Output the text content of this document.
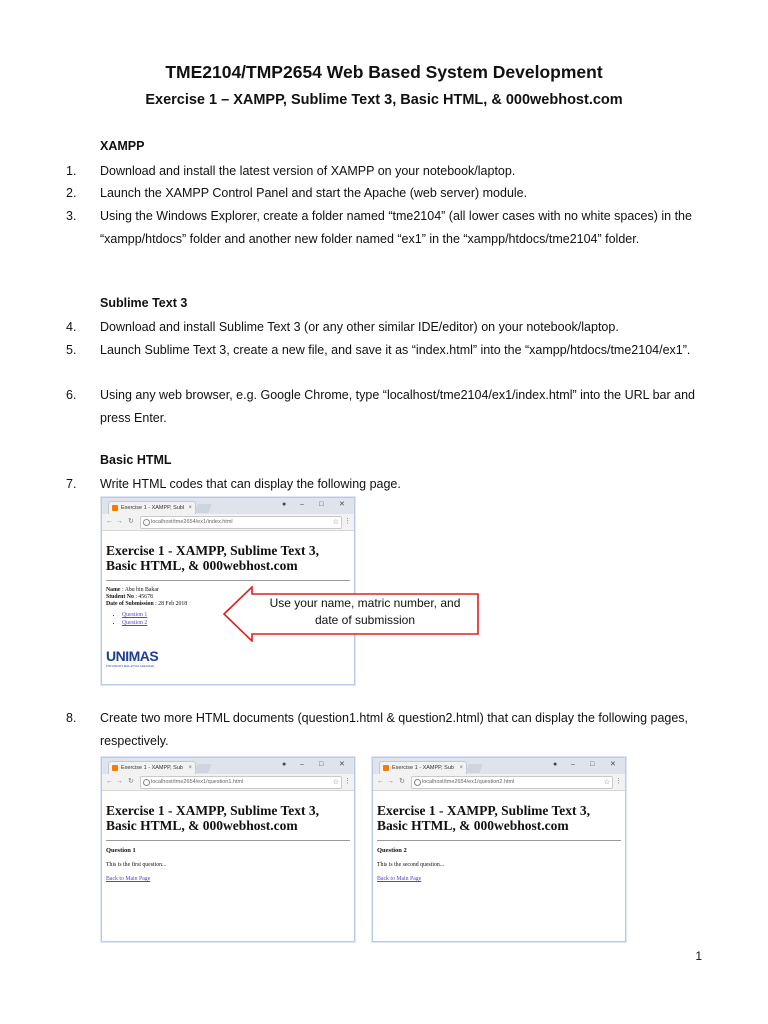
TME2104/TMP2654 Web Based System Development
Exercise 1 – XAMPP, Sublime Text 3, Basic HTML, & 000webhost.com
XAMPP
1.	Download and install the latest version of XAMPP on your notebook/laptop.
2.	Launch the XAMPP Control Panel and start the Apache (web server) module.
3.	Using the Windows Explorer, create a folder named “tme2104” (all lower cases with no white spaces) in the “xampp/htdocs” folder and another new folder named “ex1” in the “xampp/htdocs/tme2104” folder.
Sublime Text 3
4.	Download and install Sublime Text 3 (or any other similar IDE/editor) on your notebook/laptop.
5.	Launch Sublime Text 3, create a new file, and save it as “index.html” into the “xampp/htdocs/tme2104/ex1”.
6.	Using any web browser, e.g. Google Chrome, type “localhost/tme2104/ex1/index.html” into the URL bar and press Enter.
Basic HTML
7.	Write HTML codes that can display the following page.
Exercise 1 - XAMPP, Subl ×	● – □ ✕
← → ↻	localhost/tme2654/ex1/index.html	☆ ⋮
Exercise 1 - XAMPP, Sublime Text 3, Basic HTML, & 000webhost.com
Name : Abu bin Bakar
Student No : 45678
Date of Submission : 28 Feb 2018
• Question 1
• Question 2
UNIMAS
UNIVERSITI MALAYSIA SARAWAK
Use your name, matric number, and date of submission
8.	Create two more HTML documents (question1.html & question2.html) that can display the following pages, respectively.
Exercise 1 - XAMPP, Sub ×	● – □ ✕
← → ↻	localhost/tme2654/ex1/question1.html	☆ ⋮
Exercise 1 - XAMPP, Sublime Text 3, Basic HTML, & 000webhost.com
Question 1
This is the first question...
Back to Main Page
Exercise 1 - XAMPP, Sub ×	● – □ ✕
← → ↻	localhost/tme2654/ex1/question2.html	☆ ⋮
Exercise 1 - XAMPP, Sublime Text 3, Basic HTML, & 000webhost.com
Question 2
This is the second question...
Back to Main Page
1
